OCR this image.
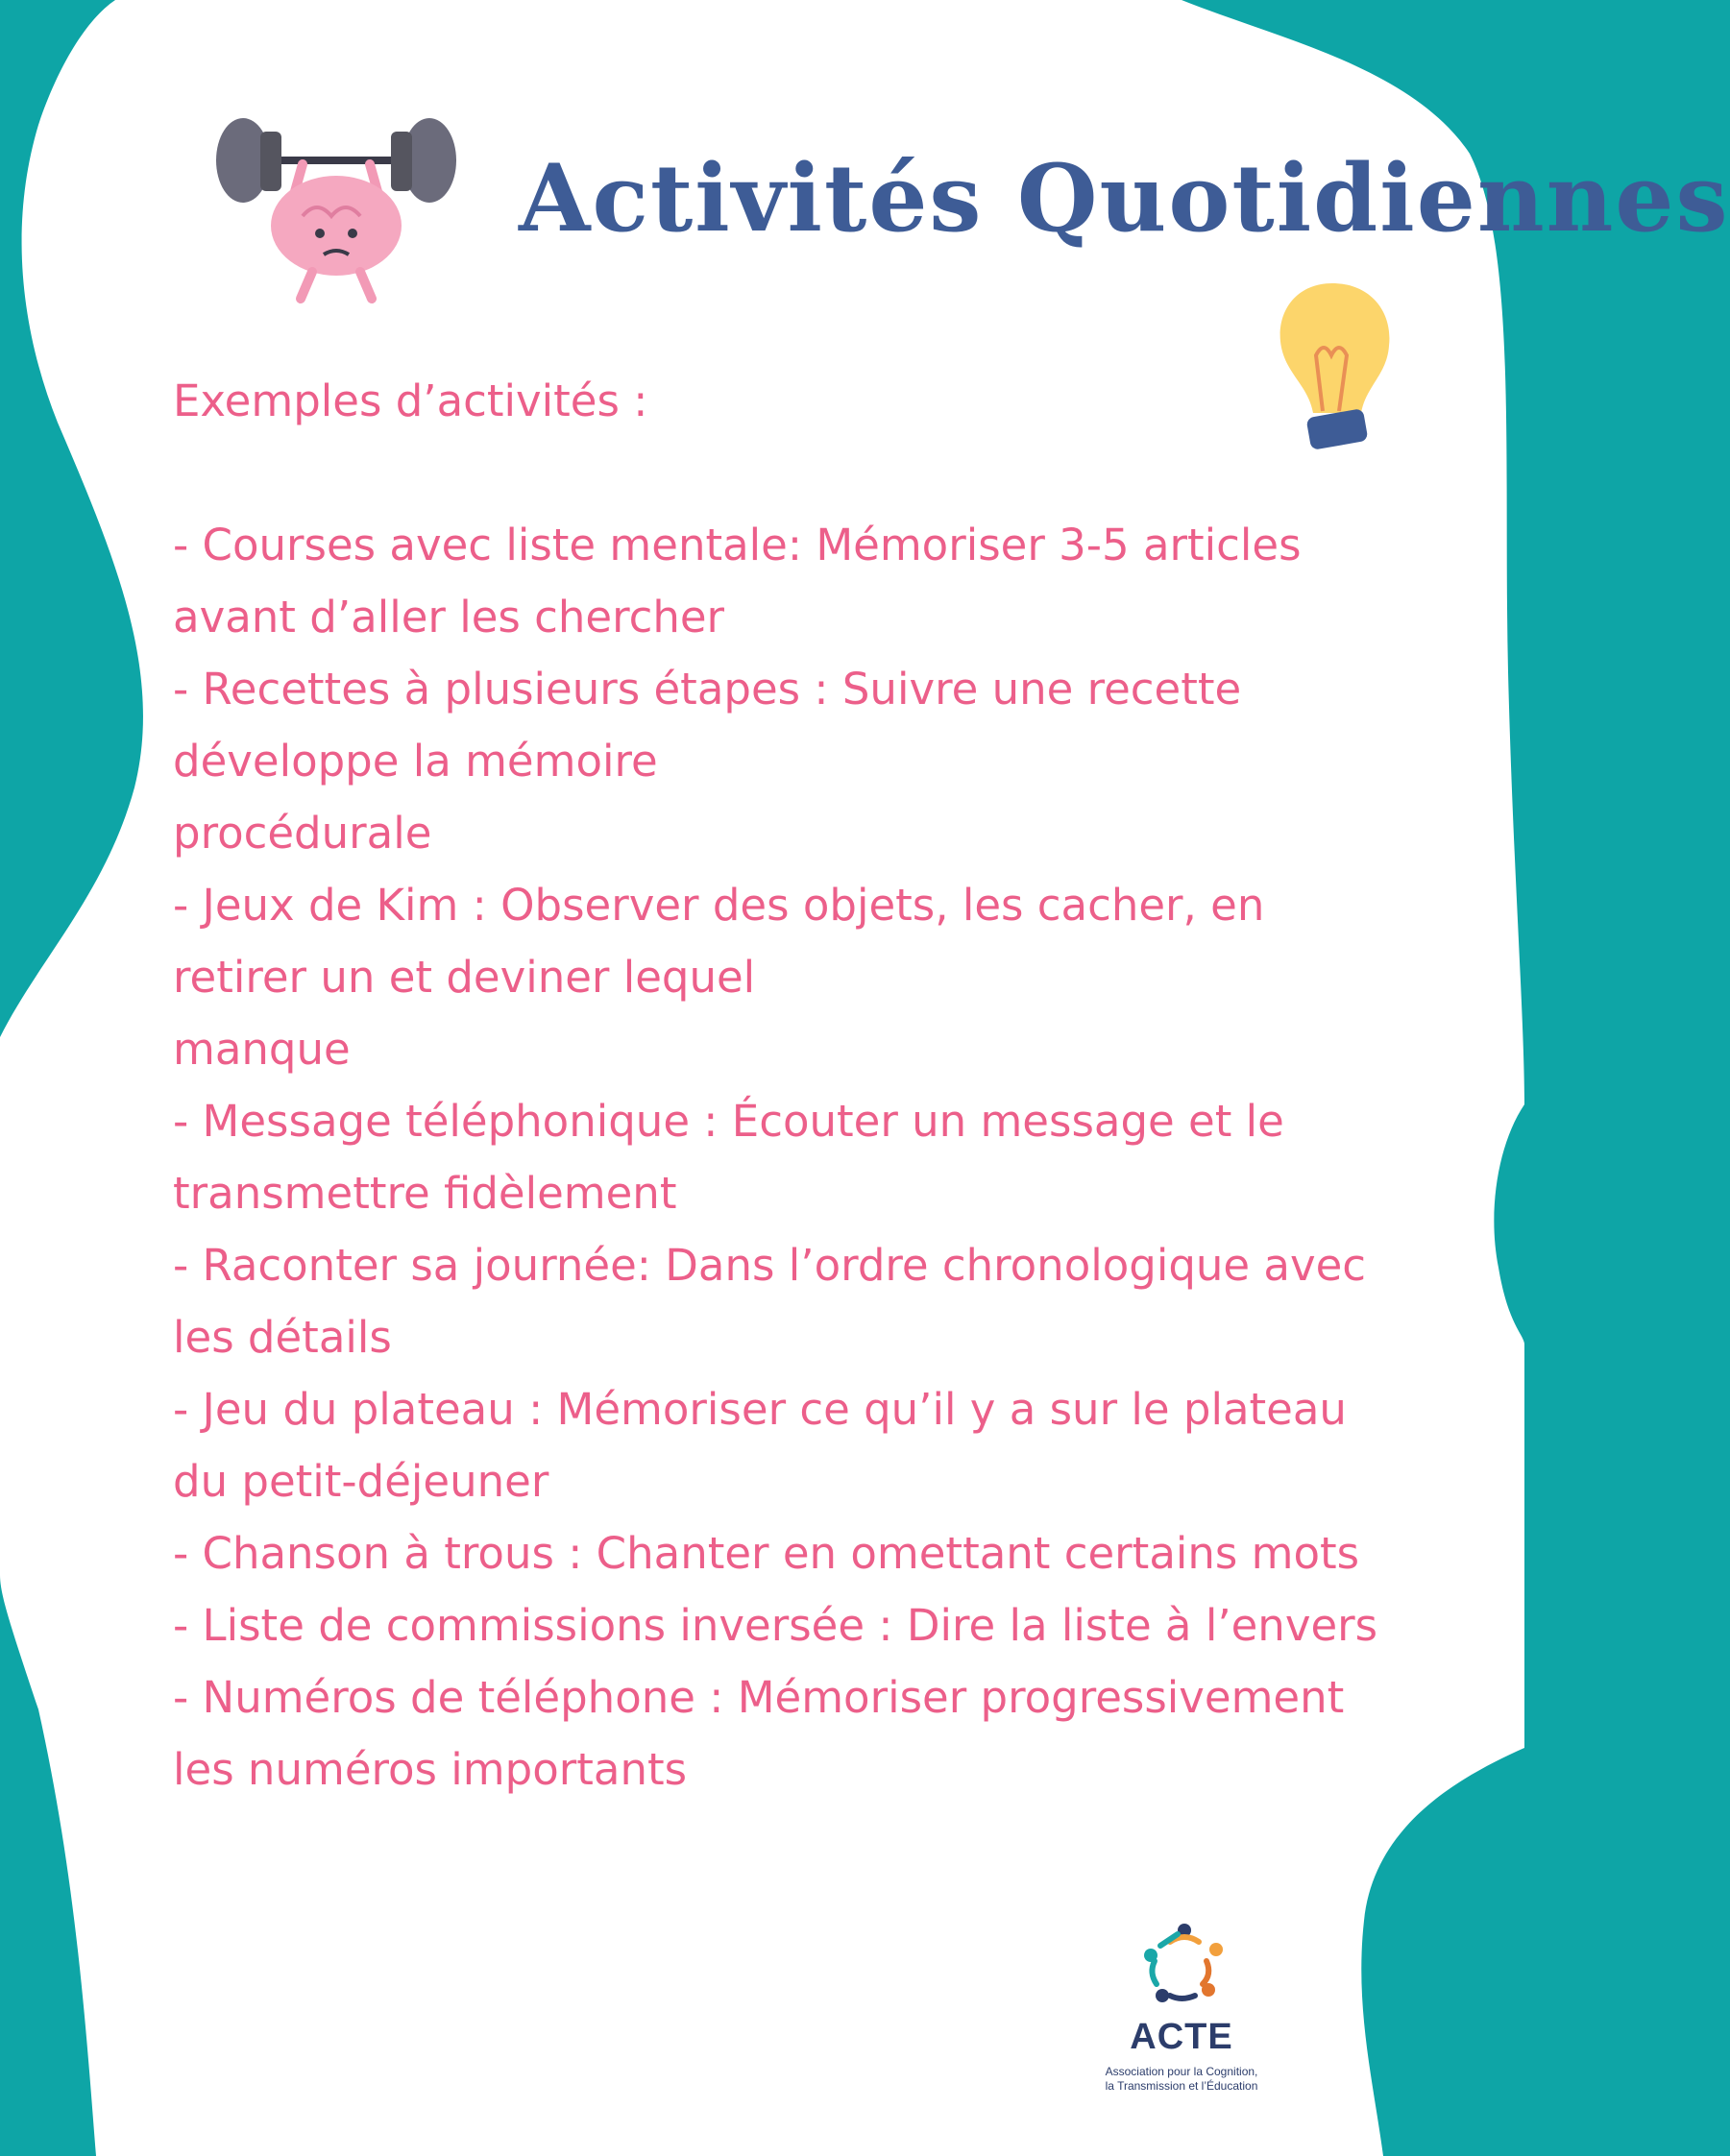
Activités Quotidiennes

Exemples d’activités :

- Courses avec liste mentale: Mémoriser 3-5 articles avant d’aller les chercher

- Recettes à plusieurs étapes : Suivre une recette développe la mémoire

procédurale

- Jeux de Kim : Observer des objets, les cacher, en retirer un et deviner lequel

manque

- Message téléphonique : Écouter un message et le transmettre fidèlement

- Raconter sa journée: Dans l’ordre chronologique avec les détails

- Jeu du plateau : Mémoriser ce qu’il y a sur le plateau du petit-déjeuner

- Chanson à trous : Chanter en omettant certains mots

- Liste de commissions inversée : Dire la liste à l’envers

- Numéros de téléphone : Mémoriser progressivement les numéros importants

ACTE
Association pour la Cognition,
la Transmission et l’Éducation
